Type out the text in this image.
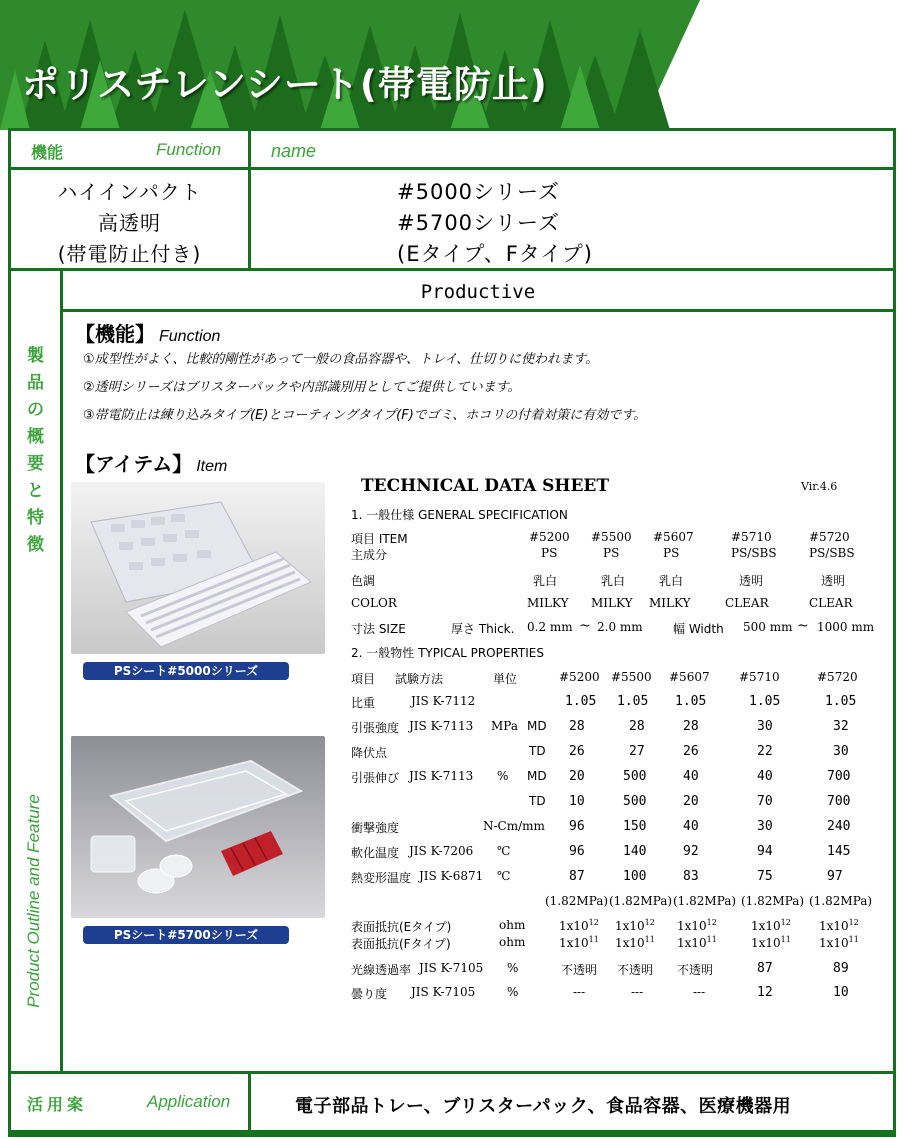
ポリスチレンシート(帯電防止)	S-001
機能	Function	name
ハイインパクト
高透明
(帯電防止付き)
#5000シリーズ
#5700シリーズ
(Eタイプ、Fタイプ)
製
品
の
概
要
と
特
徴
Product Outline and Feature
Productive
【機能】 Function
①成型性がよく、比較的剛性があって一般の食品容器や、トレイ、仕切りに使われます。
②透明シリーズはブリスターパックや内部識別用としてご提供しています。
③帯電防止は練り込みタイプ(E)とコーティングタイプ(F)でゴミ、ホコリの付着対策に有効です。
【アイテム】 Item
PSシート#5000シリーズ
PSシート#5700シリーズ
TECHNICAL DATA SHEET	Vir.4.6
1. 一般仕様 GENERAL SPECIFICATION
項目 ITEM	#5200 #5500 #5607	#5710	#5720
主成分	PS	PS	PS	PS/SBS	PS/SBS
色調	乳白	乳白	乳白	透明	透明
COLOR	MILKY MILKY MILKY	CLEAR	CLEAR
寸法 SIZE	厚さ Thick. 0.2 mm ~ 2.0 mm	幅 Width 500 mm ~ 1000 mm
2. 一般物性 TYPICAL PROPERTIES
項目 試験方法	単位	#5200 #5500 #5607 #5710	#5720
比重	JIS K-7112	1.05 1.05 1.05	1.05	1.05
引張強度 JIS K-7113 MPa MD 28	28	28	30	32
降伏点	TD 26	27	26	22	30
引張伸び JIS K-7113 % MD 20	500	40	40	700
TD 10	500	20	70	700
衝撃強度	N-Cm/mm 96	150	40	30	240
軟化温度 JIS K-7206 ℃	96	140	92	94	145
熱変形温度 JIS K-6871 ℃	87	100	83	75	97
(1.82MPa) (1.82MPa) (1.82MPa) (1.82MPa) (1.82MPa)
表面抵抗(Eタイプ)	ohm	$1x10^{12}$ $1x10^{12}$ $1x10^{12}$	$1x10^{12}$ $1x10^{12}$
表面抵抗(Fタイプ)	ohm	$1x10^{11}$ $1x10^{11}$ $1x10^{11}$	$1x10^{11}$ $1x10^{11}$
光線透過率 JIS K-7105 %	不透明 不透明 不透明	87	89
曇り度 JIS K-7105	%	---	---	---	12	10
活用案	Application	電子部品トレー、ブリスターパック、食品容器、医療機器用
